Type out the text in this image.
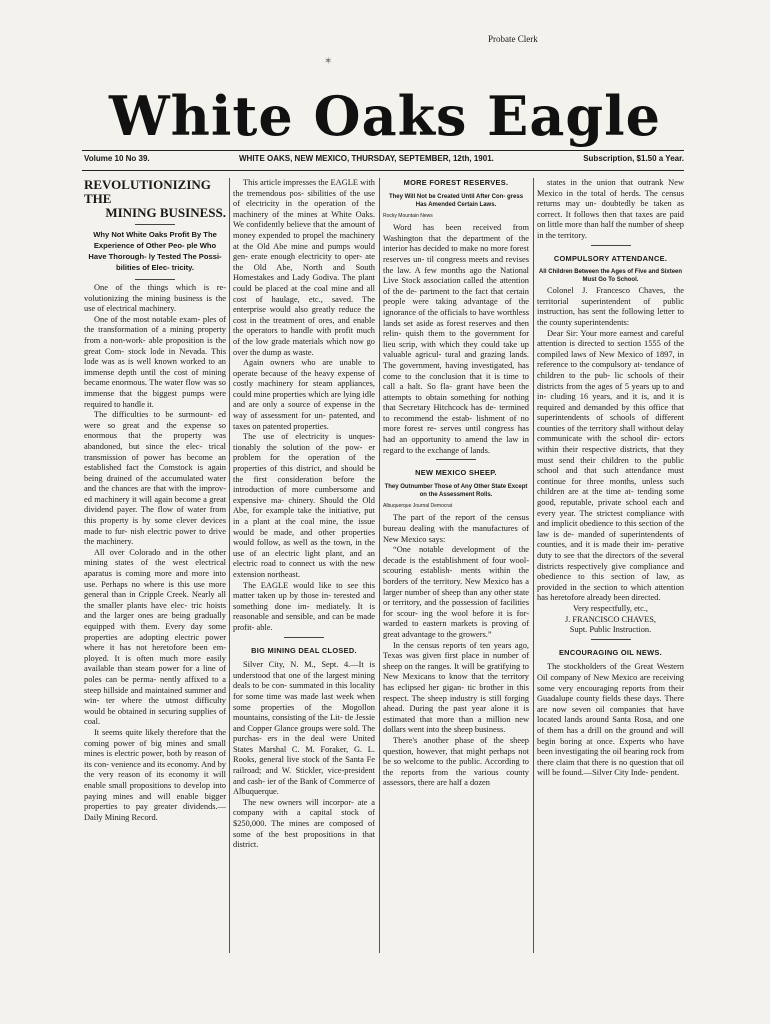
Probate Clerk
✶
White Oaks Eagle
Volume 10 No 39.	WHITE OAKS, NEW MEXICO, THURSDAY, SEPTEMBER, 12th, 1901.	Subscription, $1.50 a Year.
REVOLUTIONIZING THE
MINING BUSINESS.
Why Not White Oaks Profit By The Experience of Other Peo- ple Who Have Thorough- ly Tested The Possi- bilities of Elec- tricity.

One of the things which is re- volutionizing the mining business is the use of electrical machinery.

One of the most notable exam- ples of the transformation of a mining property from a non-work- able proposition is the great Com- stock lode in Nevada. This lode was as is well known worked to an immense depth until the cost of mining became enormous. The water flow was so immense that the biggest pumps were required to handle it.

The difficulties to be surmount- ed were so great and the expense so enormous that the property was abandoned, but since the elec- trical transmission of power has become an established fact the Comstock is again being drained of the accumulated water and the chances are that with the improv- ed machinery it will again become a great dividend payer. The flow of water from this property is by some clever devices made to fur- nish electric power to drive the machinery.

All over Colorado and in the other mining states of the west electrical aparatus is coming more and more into use. Perhaps no where is this use more general than in Cripple Creek. Nearly all the smaller plants have elec- tric hoists and the larger ones are being gradually equipped with them. Every day some properties are adopting electric power where it has not heretofore been em- ployed. It is often much more easily available than steam power for a line of poles can be perma- nently affixed to a steep hillside and maintained summer and win- ter where the utmost difficulty would be obtained in securing supplies of coal.

It seems quite likely therefore that the coming power of big mines and small mines is electric power, both by reason of its con- venience and its economy. And by the very reason of its economy it will enable small propositions to develop into paying mines and will enable bigger properties to pay greater dividends.—Daily Mining Record.

This article impresses the EAGLE with the tremendous pos- sibilities of the use of electricity in the operation of the machinery of the mines at White Oaks. We confidently believe that the amount of money expended to propel the machinery at the Old Abe mine and pumps would gen- erate enough electricity to oper- ate the Old Abe, North and South Homestakes and Lady Godiva. The plant could be placed at the coal mine and all cost of haulage, etc., saved. The enterprise would also greatly reduce the cost in the treatment of ores, and enable the operators to handle with profit much of the low grade materials which now go over the dump as waste.

Again owners who are unable to operate because of the heavy expense of costly machinery for steam appliances, could mine properties which are lying idle and are only a source of expense in the way of assessment for un- patented, and taxes on patented properties.

The use of electricity is unques- tionably the solution of the pow- er problem for the operation of the properties of this district, and should be the first consideration before the introduction of more cumbersome and expensive ma- chinery. Should the Old Abe, for example take the initiative, put in a plant at the coal mine, the issue would be made, and other properties would follow, as well as the town, in the use of an electric light plant, and an electric road to connect us with the new extension northeast.

The EAGLE would like to see this matter taken up by those in- terested and something done im- mediately. It is reasonable and sensible, and can be made profit- able.

BIG MINING DEAL CLOSED.

Silver City, N. M., Sept. 4.—It is understood that one of the largest mining deals to be con- summated in this locality for some time was made last week when some properties of the Mogollon mountains, consisting of the Lit- tle Jessie and Copper Glance groups were sold. The purchas- ers in the deal were United States Marshal C. M. Foraker, G. L. Rooks, general live stock of the Santa Fe railroad; and W. Stickler, vice-president and cash- ier of the Bank of Commerce of Albuquerque.

The new owners will incorpor- ate a company with a capital stock of $250,000. The mines are composed of some of the best propositions in that district.

MORE FOREST RESERVES.
They Will Not be Created Until After Con- gress Has Amended Certain Laws.
Rocky Mountain News

Word has been received from Washington that the department of the interior has decided to make no more forest reserves un- til congress meets and revises the law. A few months ago the National Live Stock association called the attention of the de- partment to the fact that certain people were taking advantage of the ignorance of the officials to have worthless lands set aside as forest reserves and then relin- quish them to the government for lieu scrip, with which they could take up valuable agricul- tural and grazing lands. The government, having investigated, has come to the conclusion that it is time to call a halt. So fla- grant have been the attempts to obtain something for nothing that Secretary Hitchcock has de- termined to recommend the estab- lishment of no more forest re- serves until congress has had an opportunity to amend the law in regard to the exchange of lands.

NEW MEXICO SHEEP.
They Outnumber Those of Any Other State Except on the Assessment Rolls.
Albuquerque Journal Democrat

The part of the report of the census bureau dealing with the manufactures of New Mexico says:

“One notable development of the decade is the establishment of four wool-scouring establish- ments within the borders of the territory. New Mexico has a larger number of sheep than any other state or territory, and the possession of facilities for scour- ing the wool before it is for- warded to eastern markets is proving of great advantage to the growers.”

In the census reports of ten years ago, Texas was given first place in number of sheep on the ranges. It will be gratifying to New Mexicans to know that the territory has eclipsed her gigan- tic brother in this respect. The sheep industry is still forging ahead. During the past year alone it is estimated that more than a million new dollars went into the sheep business.

There's another phase of the sheep question, however, that might perhaps not be so welcome to the public. According to the reports from the various county assessors, there are half a dozen

states in the union that outrank New Mexico in the total of herds. The census returns may un- doubtedly be taken as correct. It follows then that taxes are paid on little more than half the number of sheep in the territory.

COMPULSORY ATTENDANCE.
All Children Between the Ages of Five and Sixteen Must Go To School.

Colonel J. Francesco Chaves, the territorial superintendent of public instruction, has sent the following letter to the county superintendents:

Dear Sir: Your more earnest and careful attention is directed to section 1555 of the compiled laws of New Mexico of 1897, in reference to the compulsory at- tendance of children to the pub- lic schools of their districts from the ages of 5 years up to and in- cluding 16 years, and it is, and it is required and demanded by this office that superintendents of schools of different counties of the territory shall without delay communicate with the school dir- ectors within their respective districts, that they must send their children to the public school and that such attendance must continue for three months, unless such children are at the time at- tending some good, reputable, private school each and every year. The strictest compliance with and implicit obedience to this section of the law is de- manded of superintendents of counties, and it is made their im- perative duty to see that the directors of the several districts respectively give compliance and obedience to this section of law, as provided in the section to which attention has heretofore already been directed.

Very respectfully, etc.,

J. FRANCISCO CHAVES,

Supt. Public Instruction.

ENCOURAGING OIL NEWS.

The stockholders of the Great Western Oil company of New Mexico are receiving some very encouraging reports from their Guadalupe county fields these days. There are now seven oil companies that have located lands around Santa Rosa, and one of them has a drill on the ground and will begin boring at once. Experts who have been investigating the oil bearing rock from there claim that there is no question that oil will be found.—Silver City Inde- pendent.
